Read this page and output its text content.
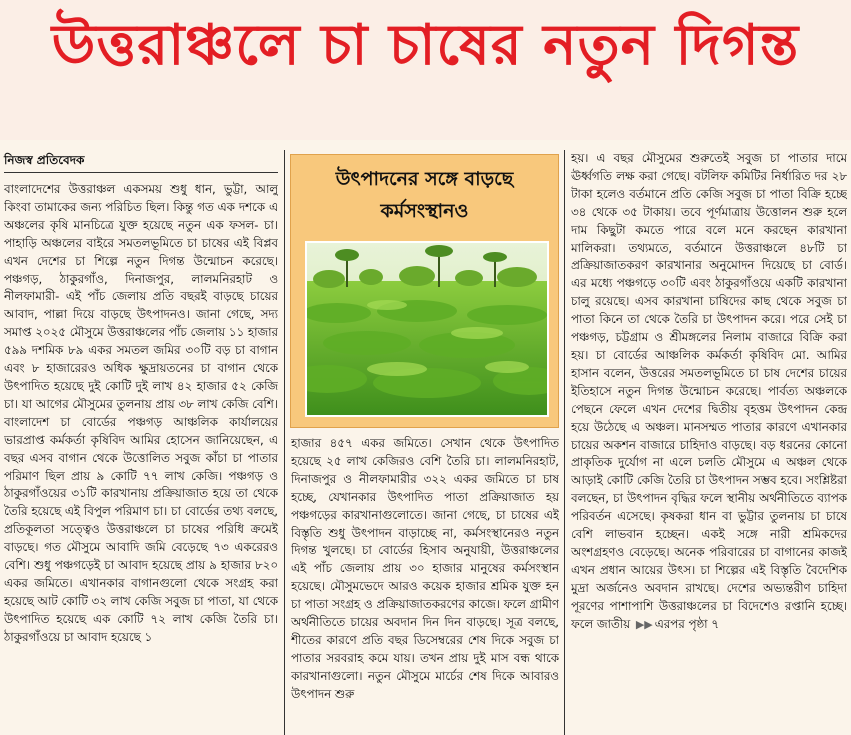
উত্তরাঞ্চলে চা চাষের নতুন দিগন্ত
নিজস্ব প্রতিবেদক

বাংলাদেশের উত্তরাঞ্চল একসময় শুধু ধান, ভুট্টা, আলু কিংবা তামাকের জন্য পরিচিত ছিল। কিন্তু গত এক দশকে এ অঞ্চলের কৃষি মানচিত্রে যুক্ত হয়েছে নতুন এক ফসল- চা। পাহাড়ি অঞ্চলের বাইরে সমতলভূমিতে চা চাষের এই বিপ্লব এখন দেশের চা শিল্পে নতুন দিগন্ত উন্মোচন করেছে। পঞ্চগড়, ঠাকুরগাঁও, দিনাজপুর, লালমনিরহাট ও নীলফামারী- এই পাঁচ জেলায় প্রতি বছরই বাড়ছে চায়ের আবাদ, পাল্লা দিয়ে বাড়ছে উৎপাদনও। জানা গেছে, সদ্য সমাপ্ত ২০২৫ মৌসুমে উত্তরাঞ্চলের পাঁচ জেলায় ১১ হাজার ৫৯৯ দশমিক ৮৯ একর সমতল জমির ৩০টি বড় চা বাগান এবং ৮ হাজারেরও অধিক ক্ষুদ্রায়তনের চা বাগান থেকে উৎপাদিত হয়েছে দুই কোটি দুই লাখ ৪২ হাজার ৫২ কেজি চা। যা আগের মৌসুমের তুলনায় প্রায় ৩৮ লাখ কেজি বেশি। বাংলাদেশ চা বোর্ডের পঞ্চগড় আঞ্চলিক কার্যালয়ের ভারপ্রাপ্ত কর্মকর্তা কৃষিবিদ আমির হোসেন জানিয়েছেন, এ বছর এসব বাগান থেকে উত্তোলিত সবুজ কাঁচা চা পাতার পরিমাণ ছিল প্রায় ৯ কোটি ৭৭ লাখ কেজি। পঞ্চগড় ও ঠাকুরগাঁওয়ের ৩১টি কারখানায় প্রক্রিয়াজাত হয়ে তা থেকে তৈরি হয়েছে এই বিপুল পরিমাণ চা। চা বোর্ডের তথ্য বলছে, প্রতিকূলতা সত্ত্বেও উত্তরাঞ্চলে চা চাষের পরিধি ক্রমেই বাড়ছে। গত মৌসুমে আবাদি জমি বেড়েছে ৭৩ একরেরও বেশি। শুধু পঞ্চগড়েই চা আবাদ হয়েছে প্রায় ৯ হাজার ৮২০ একর জমিতে। এখানকার বাগানগুলো থেকে সংগ্রহ করা হয়েছে আট কোটি ৩২ লাখ কেজি সবুজ চা পাতা, যা থেকে উৎপাদিত হয়েছে এক কোটি ৭২ লাখ কেজি তৈরি চা। ঠাকুরগাঁওয়ে চা আবাদ হয়েছে ১

উৎপাদনের সঙ্গে বাড়ছে
কর্মসংস্থানও

হাজার ৪৫৭ একর জমিতে। সেখান থেকে উৎপাদিত হয়েছে ২৫ লাখ কেজিরও বেশি তৈরি চা। লালমনিরহাট, দিনাজপুর ও নীলফামারীর ৩২২ একর জমিতে চা চাষ হচ্ছে, যেখানকার উৎপাদিত পাতা প্রক্রিয়াজাত হয় পঞ্চগড়ের কারখানাগুলোতে। জানা গেছে, চা চাষের এই বিস্তৃতি শুধু উৎপাদন বাড়াচ্ছে না, কর্মসংস্থানেরও নতুন দিগন্ত খুলছে। চা বোর্ডের হিসাব অনুযায়ী, উত্তরাঞ্চলের এই পাঁচ জেলায় প্রায় ৩০ হাজার মানুষের কর্মসংস্থান হয়েছে। মৌসুমভেদে আরও কয়েক হাজার শ্রমিক যুক্ত হন চা পাতা সংগ্রহ ও প্রক্রিয়াজাতকরণের কাজে। ফলে গ্রামীণ অর্থনীতিতে চায়ের অবদান দিন দিন বাড়ছে। সূত্র বলছে, শীতের কারণে প্রতি বছর ডিসেম্বরের শেষ দিকে সবুজ চা পাতার সরবরাহ কমে যায়। তখন প্রায় দুই মাস বন্ধ থাকে কারখানাগুলো। নতুন মৌসুমে মার্চের শেষ দিকে আবারও উৎপাদন শুরু

হয়। এ বছর মৌসুমের শুরুতেই সবুজ চা পাতার দামে ঊর্ধ্বগতি লক্ষ করা গেছে। বটলিফ কমিটির নির্ধারিত দর ২৮ টাকা হলেও বর্তমানে প্রতি কেজি সবুজ চা পাতা বিক্রি হচ্ছে ৩৪ থেকে ৩৫ টাকায়। তবে পূর্ণমাত্রায় উত্তোলন শুরু হলে দাম কিছুটা কমতে পারে বলে মনে করছেন কারখানা মালিকরা। তথ্যমতে, বর্তমানে উত্তরাঞ্চলে ৪৮টি চা প্রক্রিয়াজাতকরণ কারখানার অনুমোদন দিয়েছে চা বোর্ড। এর মধ্যে পঞ্চগড়ে ৩০টি এবং ঠাকুরগাঁওয়ে একটি কারখানা চালু রয়েছে। এসব কারখানা চাষিদের কাছ থেকে সবুজ চা পাতা কিনে তা থেকে তৈরি চা উৎপাদন করে। পরে সেই চা পঞ্চগড়, চট্টগ্রাম ও শ্রীমঙ্গলের নিলাম বাজারে বিক্রি করা হয়। চা বোর্ডের আঞ্চলিক কর্মকর্তা কৃষিবিদ মো. আমির হাসান বলেন, উত্তরের সমতলভূমিতে চা চাষ দেশের চায়ের ইতিহাসে নতুন দিগন্ত উন্মোচন করেছে। পার্বত্য অঞ্চলকে পেছনে ফেলে এখন দেশের দ্বিতীয় বৃহত্তম উৎপাদন কেন্দ্র হয়ে উঠেছে এ অঞ্চল। মানসম্মত পাতার কারণে এখানকার চায়ের অকশন বাজারে চাহিদাও বাড়ছে। বড় ধরনের কোনো প্রাকৃতিক দুর্যোগ না এলে চলতি মৌসুমে এ অঞ্চল থেকে আড়াই কোটি কেজি তৈরি চা উৎপাদন সম্ভব হবে। সংশ্লিষ্টরা বলছেন, চা উৎপাদন বৃদ্ধির ফলে স্থানীয় অর্থনীতিতে ব্যাপক পরিবর্তন এসেছে। কৃষকরা ধান বা ভুট্টার তুলনায় চা চাষে বেশি লাভবান হচ্ছেন। একই সঙ্গে নারী শ্রমিকদের অংশগ্রহণও বেড়েছে। অনেক পরিবারের চা বাগানের কাজই এখন প্রধান আয়ের উৎস। চা শিল্পের এই বিস্তৃতি বৈদেশিক মুদ্রা অর্জনেও অবদান রাখছে। দেশের অভ্যন্তরীণ চাহিদা পূরণের পাশাপাশি উত্তরাঞ্চলের চা বিদেশেও রপ্তানি হচ্ছে। ফলে জাতীয় ▶▶ এরপর পৃষ্ঠা ৭
